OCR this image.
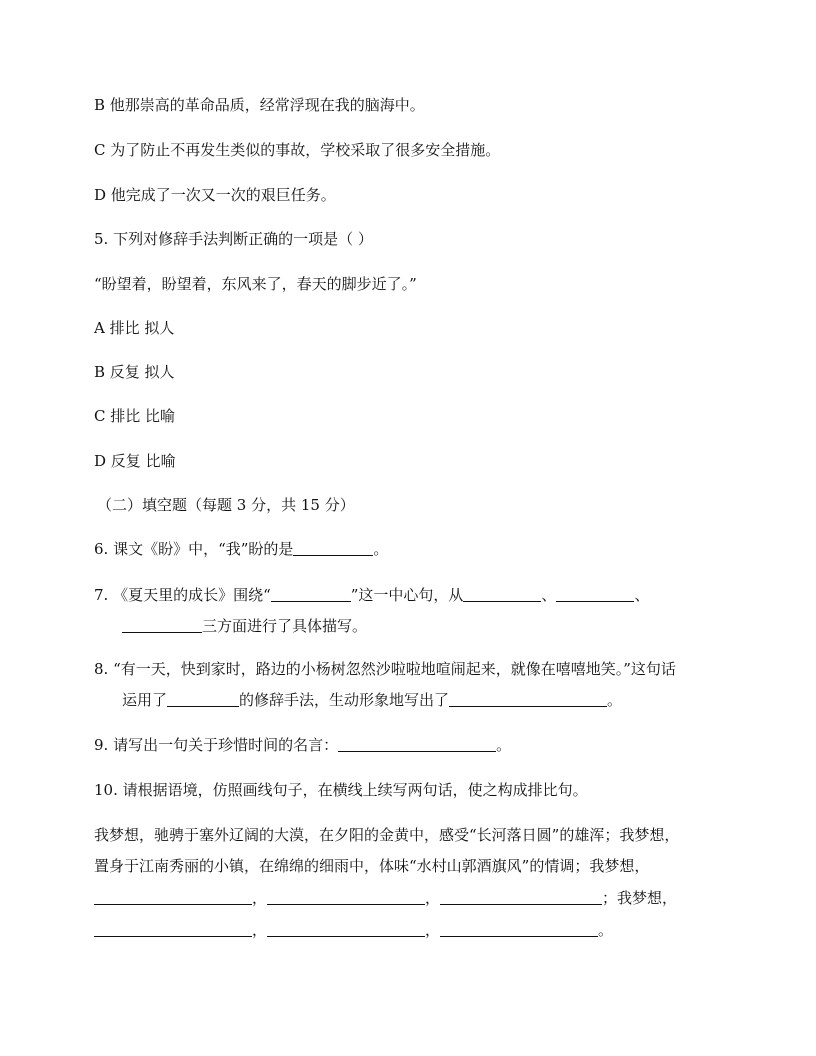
B 他那崇高的革命品质，经常浮现在我的脑海中。
C 为了防止不再发生类似的事故，学校采取了很多安全措施。
D 他完成了一次又一次的艰巨任务。
5. 下列对修辞手法判断正确的一项是（ ）
“盼望着，盼望着，东风来了，春天的脚步近了。”
A 排比 拟人
B 反复 拟人
C 排比 比喻
D 反复 比喻
（二）填空题（每题 3 分，共 15 分）
6. 课文《盼》中，“我”盼的是	。
7. 《夏天里的成长》围绕“	”这一中心句，从	、	、
三方面进行了具体描写。
8. “有一天，快到家时，路边的小杨树忽然沙啦啦地喧闹起来，就像在嘻嘻地笑。”这句话
运用了	的修辞手法，生动形象地写出了	。
9. 请写出一句关于珍惜时间的名言：	。
10. 请根据语境，仿照画线句子，在横线上续写两句话，使之构成排比句。
我梦想，驰骋于塞外辽阔的大漠，在夕阳的金黄中，感受“长河落日圆”的雄浑；我梦想，
置身于江南秀丽的小镇，在绵绵的细雨中，体味“水村山郭酒旗风”的情调；我梦想，
，	，	；我梦想，
，	，	。
